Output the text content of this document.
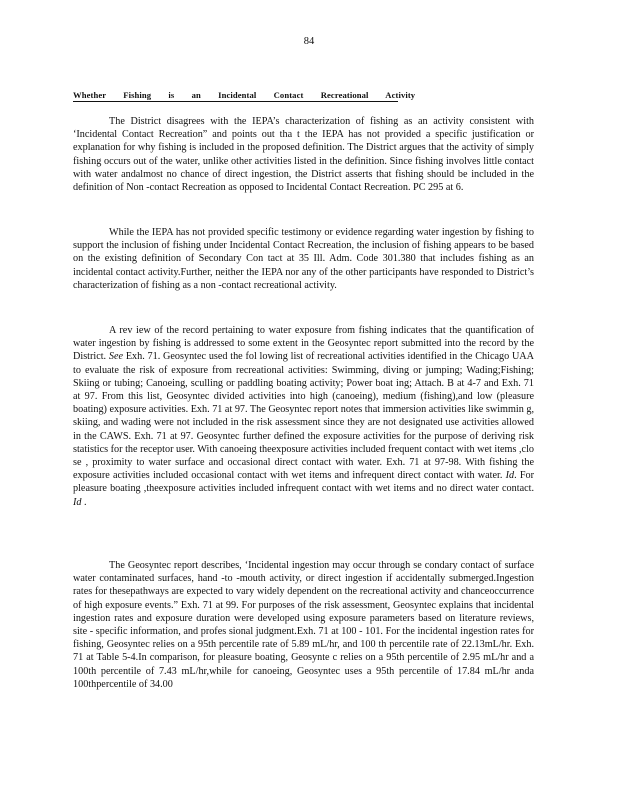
84
Whether Fishing is an Incidental Contact Recreational Activity

The District disagrees with the IEPA’s characterization of fishing as an activity consistent with ‘Incidental Contact Recreation” and points out tha t the IEPA has not provided a specific justification or explanation for why fishing is included in the proposed definition. The District argues that the activity of simply fishing occurs out of the water, unlike other activities listed in the definition. Since fishing involves little contact with water andalmost no chance of direct ingestion, the District asserts that fishing should be included in the definition of Non -contact Recreation as opposed to Incidental Contact Recreation. PC 295 at 6.

While the IEPA has not provided specific testimony or evidence regarding water ingestion by fishing to support the inclusion of fishing under Incidental Contact Recreation, the inclusion of fishing appears to be based on the existing definition of Secondary Con tact at 35 Ill. Adm. Code 301.380 that includes fishing as an incidental contact activity.Further, neither the IEPA nor any of the other participants have responded to District’s characterization of fishing as a non -contact recreational activity.

A rev iew of the record pertaining to water exposure from fishing indicates that the quantification of water ingestion by fishing is addressed to some extent in the Geosyntec report submitted into the record by the District. See Exh. 71. Geosyntec used the fol lowing list of recreational activities identified in the Chicago UAA to evaluate the risk of exposure from recreational activities: Swimming, diving or jumping; Wading;Fishing; Skiing or tubing; Canoeing, sculling or paddling boating activity; Power boat ing; Attach. B at 4-7 and Exh. 71 at 97. From this list, Geosyntec divided activities into high (canoeing), medium (fishing),and low (pleasure boating) exposure activities. Exh. 71 at 97. The Geosyntec report notes that immersion activities like swimmin g, skiing, and wading were not included in the risk assessment since they are not designated use activities allowed in the CAWS. Exh. 71 at 97. Geosyntec further defined the exposure activities for the purpose of deriving risk statistics for the receptor user. With canoeing theexposure activities included frequent contact with wet items ,clo se , proximity to water surface and occasional direct contact with water. Exh. 71 at 97-98. With fishing the exposure activities included occasional contact with wet items and infrequent direct contact with water. Id. For pleasure boating ,theexposure activities included infrequent contact with wet items and no direct water contact. Id .

The Geosyntec report describes, ‘Incidental ingestion may occur through se condary contact of surface water contaminated surfaces, hand -to -mouth activity, or direct ingestion if accidentally submerged.Ingestion rates for thesepathways are expected to vary widely dependent on the recreational activity and chanceoccurrence of high exposure events.” Exh. 71 at 99. For purposes of the risk assessment, Geosyntec explains that incidental ingestion rates and exposure duration were developed using exposure parameters based on literature reviews, site - specific information, and profes sional judgment.Exh. 71 at 100 - 101. For the incidental ingestion rates for fishing, Geosyntec relies on a 95th percentile rate of 5.89 mL/hr, and 100 th percentile rate of 22.13mL/hr. Exh. 71 at Table 5-4.In comparison, for pleasure boating, Geosynte c relies on a 95th percentile of 2.95 mL/hr and a 100th percentile of 7.43 mL/hr,while for canoeing, Geosyntec uses a 95th percentile of 17.84 mL/hr anda 100thpercentile of 34.00
